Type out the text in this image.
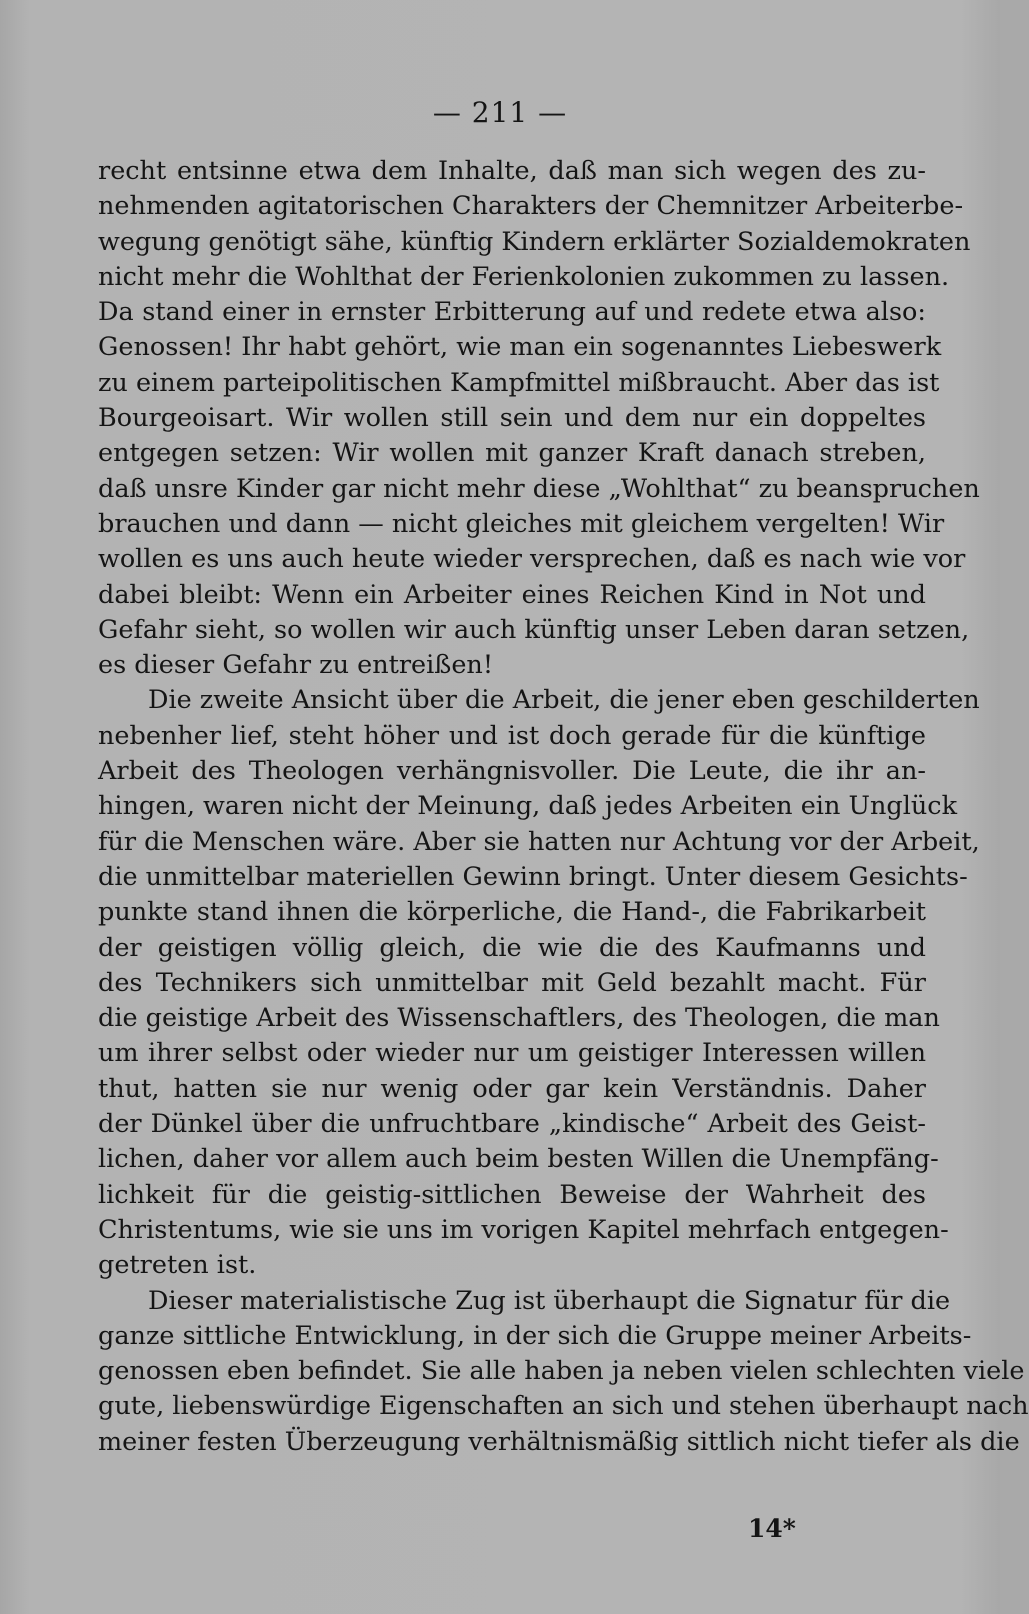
— 211 —
recht entsinne etwa dem Inhalte, daß man sich wegen des zu-
nehmenden agitatorischen Charakters der Chemnitzer Arbeiterbe-
wegung genötigt sähe, künftig Kindern erklärter Sozialdemokraten
nicht mehr die Wohlthat der Ferienkolonien zukommen zu lassen.
Da stand einer in ernster Erbitterung auf und redete etwa also:
Genossen! Ihr habt gehört, wie man ein sogenanntes Liebeswerk
zu einem parteipolitischen Kampfmittel mißbraucht. Aber das ist
Bourgeoisart. Wir wollen still sein und dem nur ein doppeltes
entgegen setzen: Wir wollen mit ganzer Kraft danach streben,
daß unsre Kinder gar nicht mehr diese „Wohlthat“ zu beanspruchen
brauchen und dann — nicht gleiches mit gleichem vergelten! Wir
wollen es uns auch heute wieder versprechen, daß es nach wie vor
dabei bleibt: Wenn ein Arbeiter eines Reichen Kind in Not und
Gefahr sieht, so wollen wir auch künftig unser Leben daran setzen,
es dieser Gefahr zu entreißen!
Die zweite Ansicht über die Arbeit, die jener eben geschilderten
nebenher lief, steht höher und ist doch gerade für die künftige
Arbeit des Theologen verhängnisvoller. Die Leute, die ihr an-
hingen, waren nicht der Meinung, daß jedes Arbeiten ein Unglück
für die Menschen wäre. Aber sie hatten nur Achtung vor der Arbeit,
die unmittelbar materiellen Gewinn bringt. Unter diesem Gesichts-
punkte stand ihnen die körperliche, die Hand-, die Fabrikarbeit
der geistigen völlig gleich, die wie die des Kaufmanns und
des Technikers sich unmittelbar mit Geld bezahlt macht. Für
die geistige Arbeit des Wissenschaftlers, des Theologen, die man
um ihrer selbst oder wieder nur um geistiger Interessen willen
thut, hatten sie nur wenig oder gar kein Verständnis. Daher
der Dünkel über die unfruchtbare „kindische“ Arbeit des Geist-
lichen, daher vor allem auch beim besten Willen die Unempfäng-
lichkeit für die geistig-sittlichen Beweise der Wahrheit des
Christentums, wie sie uns im vorigen Kapitel mehrfach entgegen-
getreten ist.
Dieser materialistische Zug ist überhaupt die Signatur für die
ganze sittliche Entwicklung, in der sich die Gruppe meiner Arbeits-
genossen eben befindet. Sie alle haben ja neben vielen schlechten viele
gute, liebenswürdige Eigenschaften an sich und stehen überhaupt nach
meiner festen Überzeugung verhältnismäßig sittlich nicht tiefer als die
14*
